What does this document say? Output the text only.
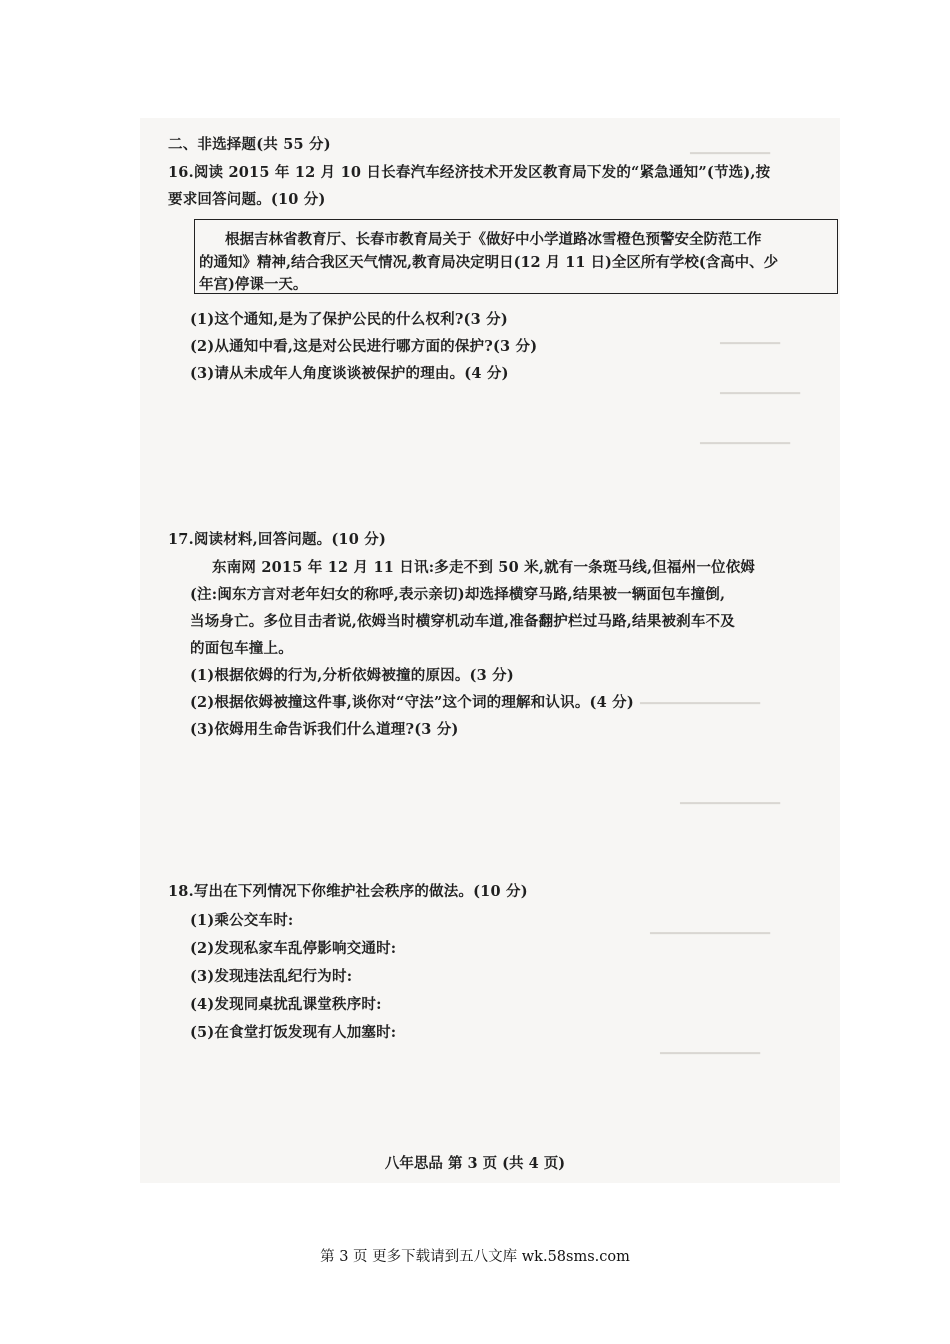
▁▁▁▁▁▁▁▁
▁▁▁▁▁▁
▁▁▁▁▁▁▁▁
▁▁▁▁▁▁▁▁▁
▁▁▁▁▁▁▁▁▁▁▁▁
▁▁▁▁▁▁▁▁▁▁
▁▁▁▁▁▁▁▁▁▁▁▁
▁▁▁▁▁▁▁▁▁▁
二、非选择题(共 55 分)
16.阅读 2015 年 12 月 10 日长春汽车经济技术开发区教育局下发的“紧急通知”(节选),按
要求回答问题。(10 分)
根据吉林省教育厅、长春市教育局关于《做好中小学道路冰雪橙色预警安全防范工作
的通知》精神,结合我区天气情况,教育局决定明日(12 月 11 日)全区所有学校(含高中、少
年宫)停课一天。
(1)这个通知,是为了保护公民的什么权利?(3 分)
(2)从通知中看,这是对公民进行哪方面的保护?(3 分)
(3)请从未成年人角度谈谈被保护的理由。(4 分)
17.阅读材料,回答问题。(10 分)
东南网 2015 年 12 月 11 日讯:多走不到 50 米,就有一条斑马线,但福州一位依姆
(注:闽东方言对老年妇女的称呼,表示亲切)却选择横穿马路,结果被一辆面包车撞倒,
当场身亡。多位目击者说,依姆当时横穿机动车道,准备翻护栏过马路,结果被刹车不及
的面包车撞上。
(1)根据依姆的行为,分析依姆被撞的原因。(3 分)
(2)根据依姆被撞这件事,谈你对“守法”这个词的理解和认识。(4 分)
(3)依姆用生命告诉我们什么道理?(3 分)
18.写出在下列情况下你维护社会秩序的做法。(10 分)
(1)乘公交车时:
(2)发现私家车乱停影响交通时:
(3)发现违法乱纪行为时:
(4)发现同桌扰乱课堂秩序时:
(5)在食堂打饭发现有人加塞时:
八年思品 第 3 页 (共 4 页)
第 3 页 更多下载请到五八文库 wk.58sms.com
